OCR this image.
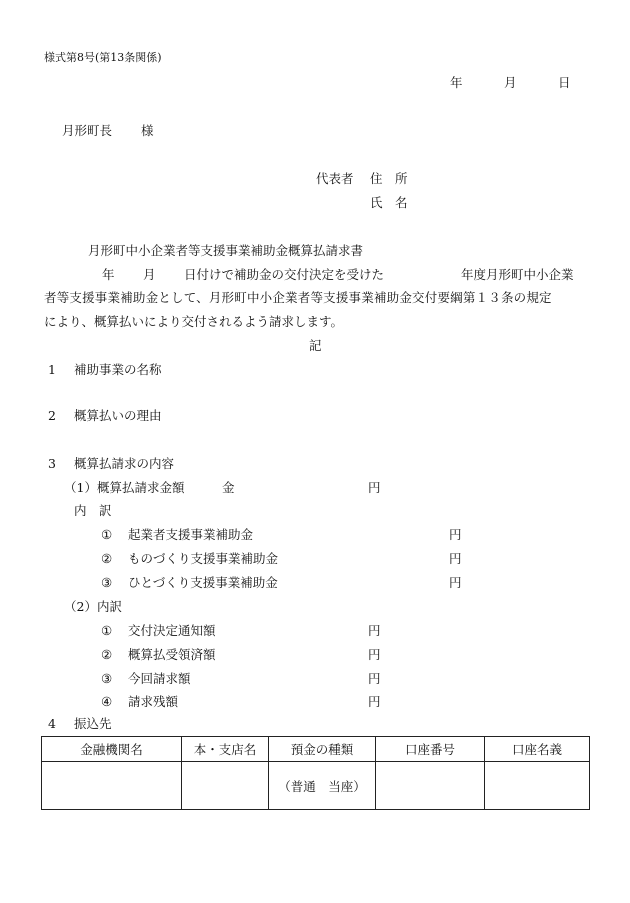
様式第8号(第13条関係)
年	月	日
月形町長 様
代表者 住　所
氏　名
月形町中小企業者等支援事業補助金概算払請求書
年 月 日付けで補助金の交付決定を受けた	年度月形町中小企業
者等支援事業補助金として、月形町中小企業者等支援事業補助金交付要綱第１３条の規定
により、概算払いにより交付されるよう請求します。
記
1 補助事業の名称
2 概算払いの理由
3 概算払請求の内容
（1）概算払請求金額	金	円
内　訳
① 起業者支援事業補助金	円
② ものづくり支援事業補助金	円
③ ひとづくり支援事業補助金	円
（2）内訳
① 交付決定通知額	円
② 概算払受領済額	円
③ 今回請求額	円
④ 請求残額	円
4 振込先
金融機関名	本・支店名	預金の種類	口座番号	口座名義
		（普通　当座）		
